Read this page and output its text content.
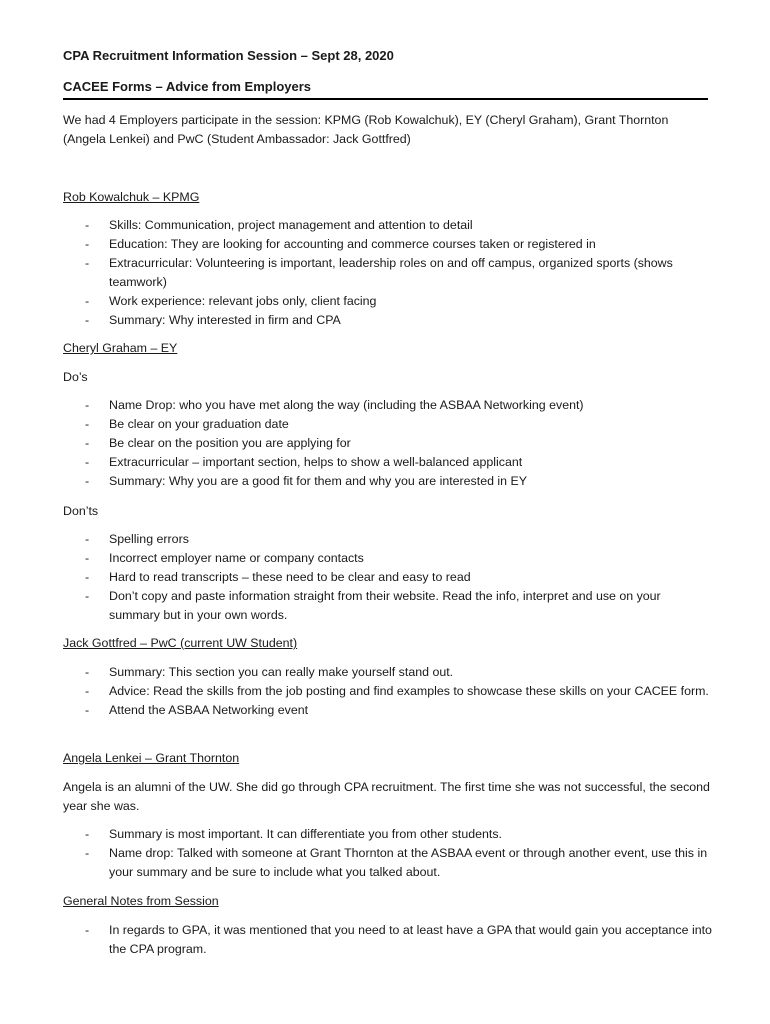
CPA Recruitment Information Session – Sept 28, 2020

CACEE Forms – Advice from Employers

We had 4 Employers participate in the session: KPMG (Rob Kowalchuk), EY (Cheryl Graham), Grant Thornton (Angela Lenkei) and PwC (Student Ambassador: Jack Gottfred)

Rob Kowalchuk – KPMG

- Skills: Communication, project management and attention to detail
- Education: They are looking for accounting and commerce courses taken or registered in
- Extracurricular: Volunteering is important, leadership roles on and off campus, organized sports (shows teamwork)
- Work experience: relevant jobs only, client facing
- Summary: Why interested in firm and CPA

Cheryl Graham – EY

Do’s

- Name Drop: who you have met along the way (including the ASBAA Networking event)
- Be clear on your graduation date
- Be clear on the position you are applying for
- Extracurricular – important section, helps to show a well-balanced applicant
- Summary: Why you are a good fit for them and why you are interested in EY

Don’ts

- Spelling errors
- Incorrect employer name or company contacts
- Hard to read transcripts – these need to be clear and easy to read
- Don’t copy and paste information straight from their website. Read the info, interpret and use on your summary but in your own words.

Jack Gottfred – PwC (current UW Student)

- Summary: This section you can really make yourself stand out.
- Advice: Read the skills from the job posting and find examples to showcase these skills on your CACEE form.
- Attend the ASBAA Networking event

Angela Lenkei – Grant Thornton

Angela is an alumni of the UW. She did go through CPA recruitment. The first time she was not successful, the second year she was.

- Summary is most important. It can differentiate you from other students.
- Name drop: Talked with someone at Grant Thornton at the ASBAA event or through another event, use this in your summary and be sure to include what you talked about.

General Notes from Session

- In regards to GPA, it was mentioned that you need to at least have a GPA that would gain you acceptance into the CPA program.
